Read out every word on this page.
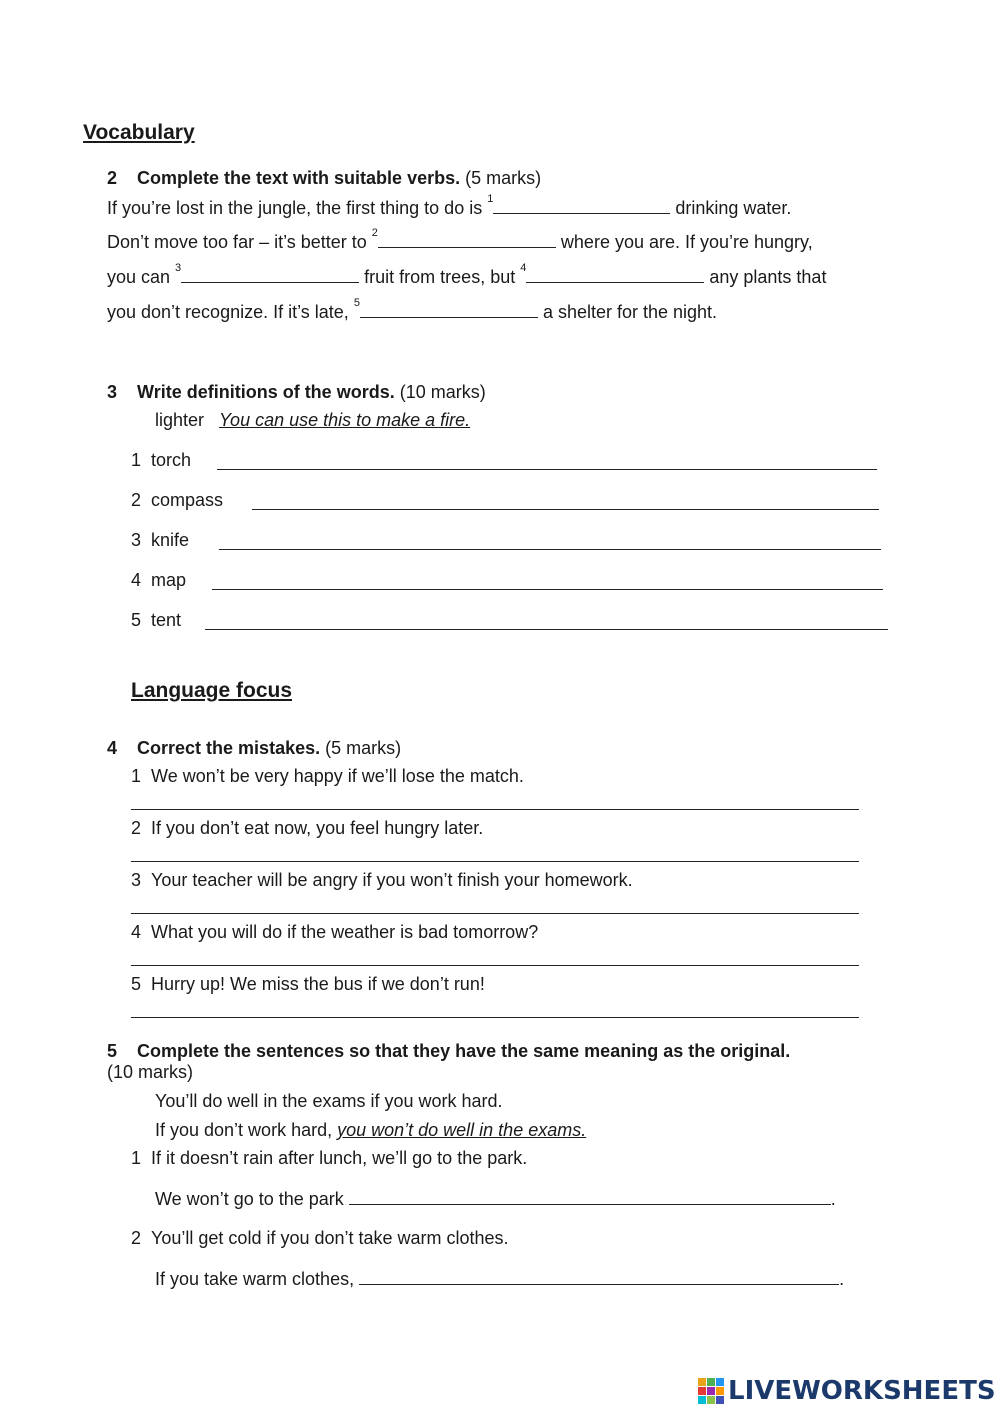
Vocabulary
2 Complete the text with suitable verbs. (5 marks)
If you’re lost in the jungle, the first thing to do is $^1$	drinking water.
Don’t move too far – it’s better to $^2$	where you are. If you’re hungry,
you can $^3$	fruit from trees, but $^4$	any plants that
you don’t recognize. If it’s late, $^5$	a shelter for the night.
3 Write definitions of the words. (10 marks)
lighter You can use this to make a fire.
1 torch
2 compass
3 knife
4 map
5 tent
Language focus
4 Correct the mistakes. (5 marks)
1 We won’t be very happy if we’ll lose the match.
2 If you don’t eat now, you feel hungry later.
3 Your teacher will be angry if you won’t finish your homework.
4 What you will do if the weather is bad tomorrow?
5 Hurry up! We miss the bus if we don’t run!
5 Complete the sentences so that they have the same meaning as the original.
(10 marks)
You’ll do well in the exams if you work hard.
If you don’t work hard, you won’t do well in the exams.
1 If it doesn’t rain after lunch, we’ll go to the park.
We won’t go to the park	.
2 You’ll get cold if you don’t take warm clothes.
If you take warm clothes,	.
LIVEWORKSHEETS
